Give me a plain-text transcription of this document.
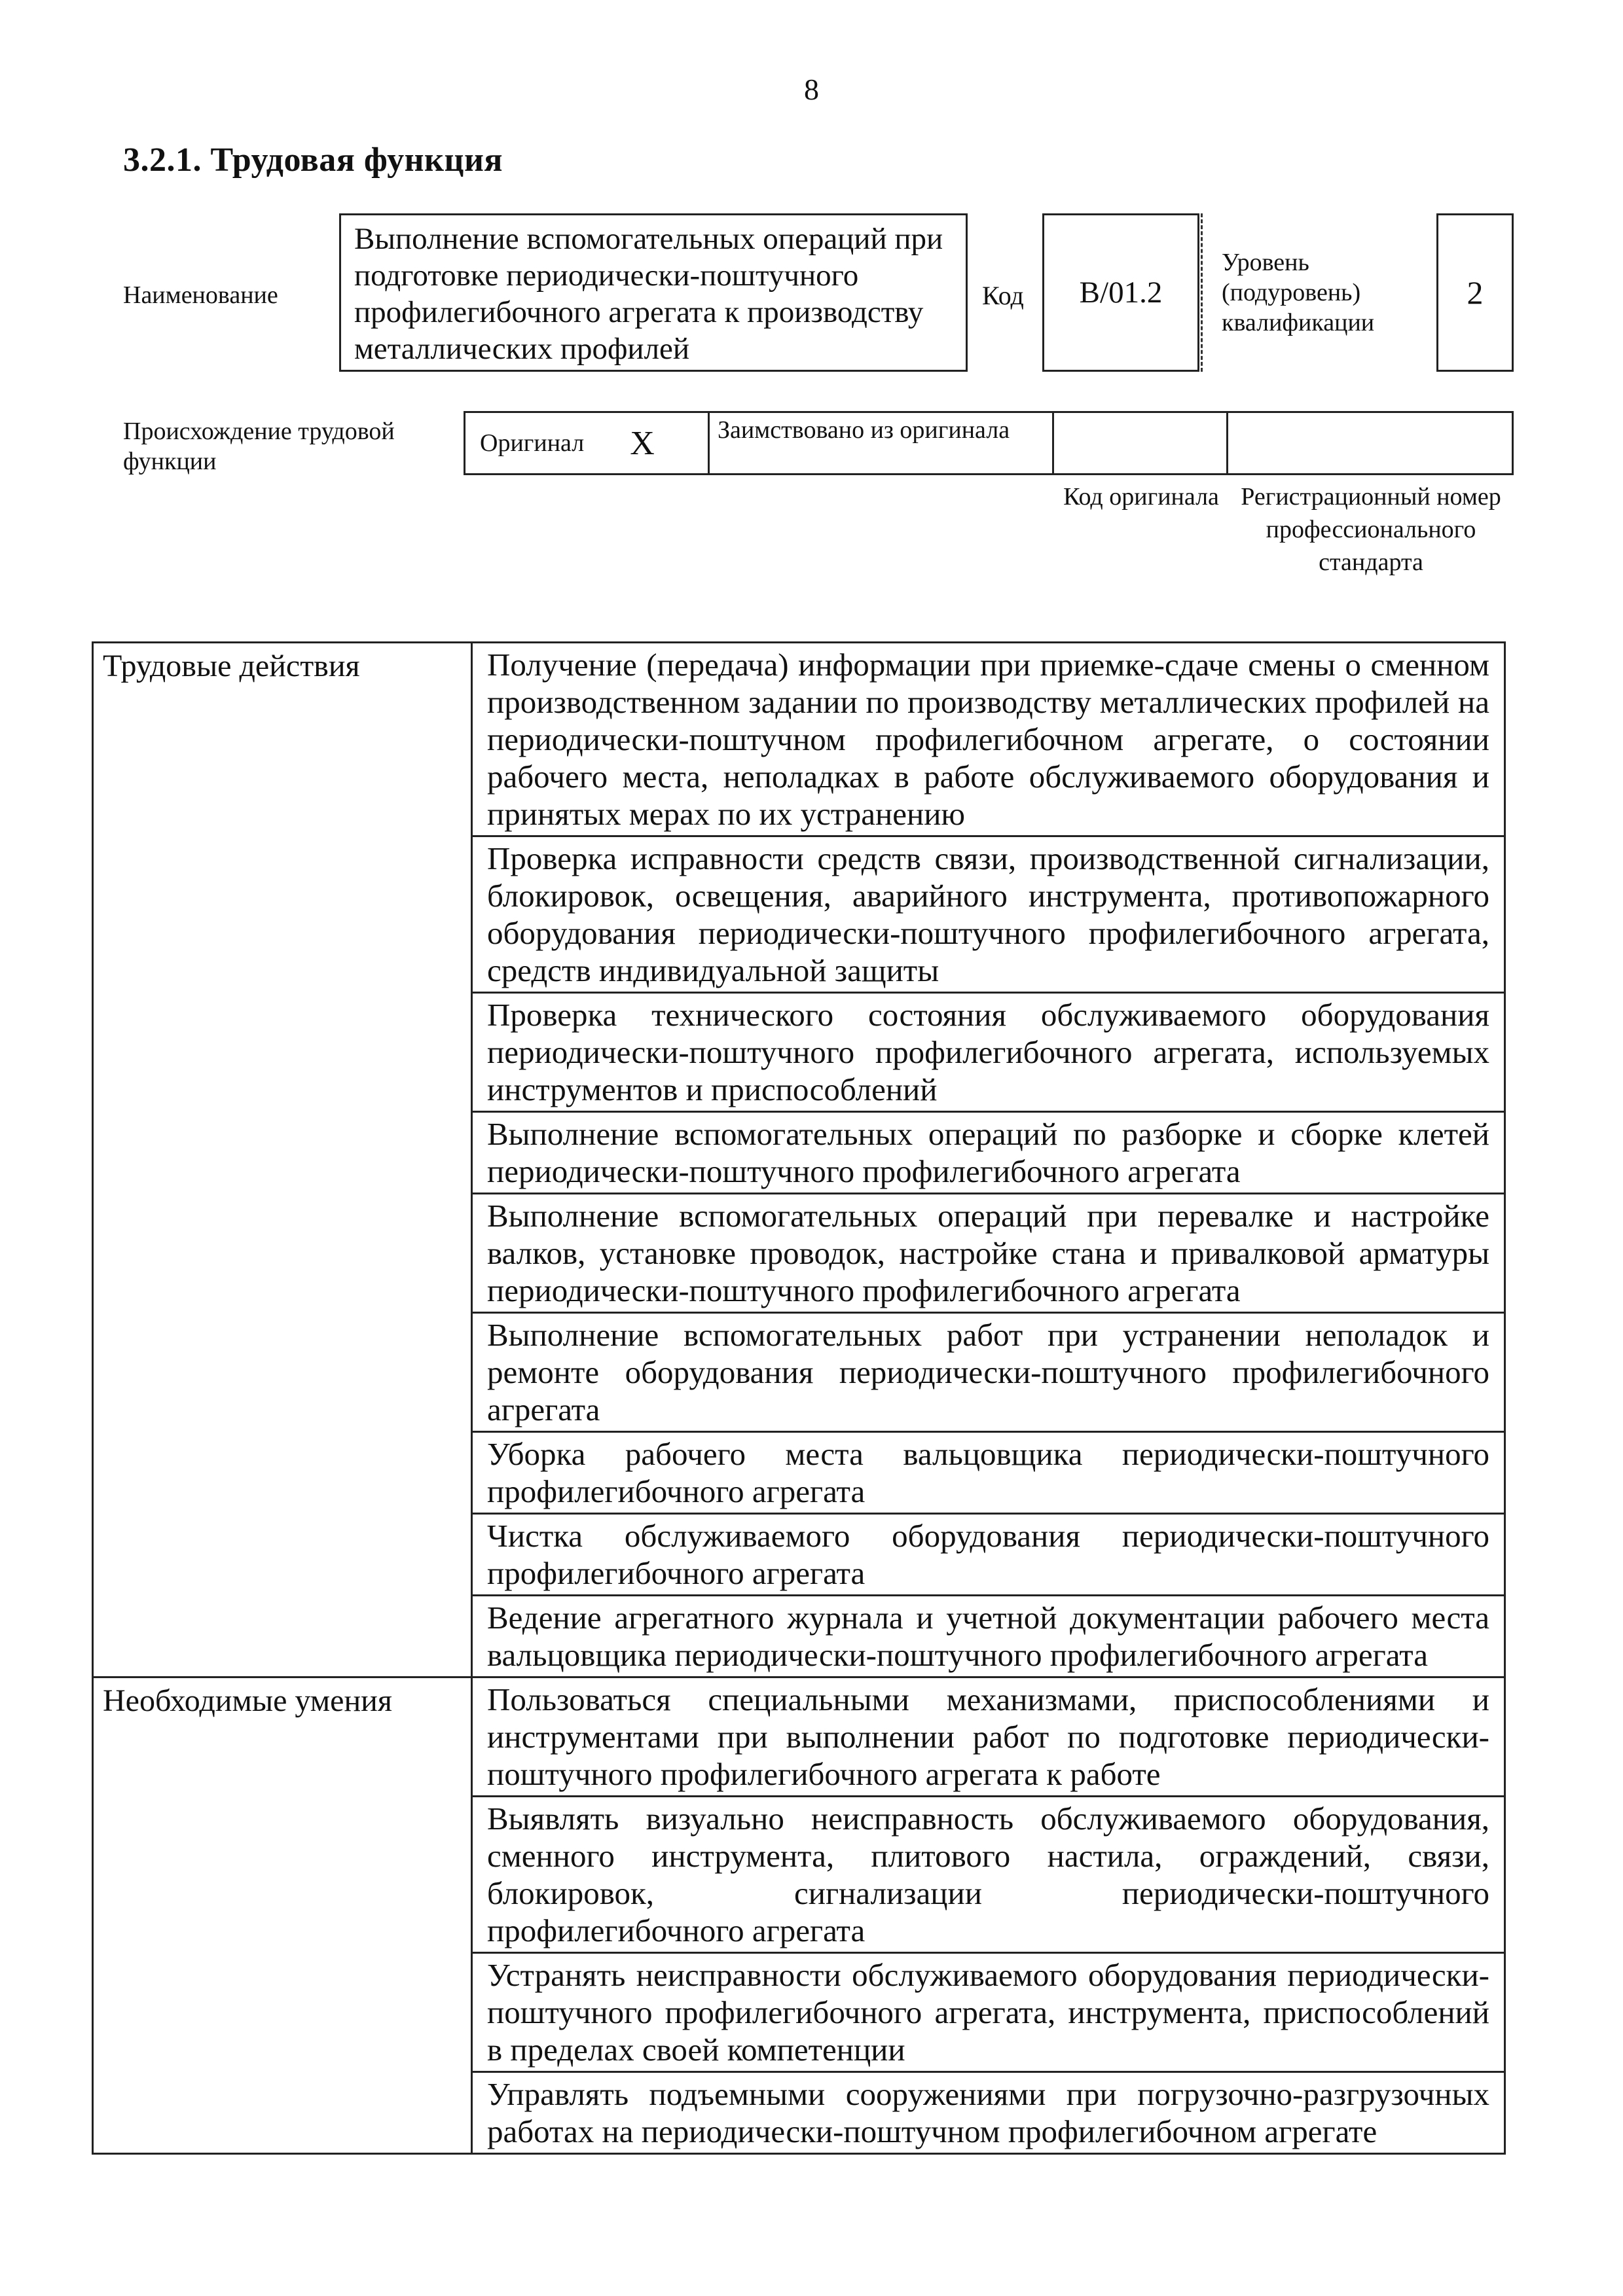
8
3.2.1. Трудовая функция
Наименование
Выполнение вспомогательных операций при подготовке периодически-поштучного профилегибочного агрегата к производству металлических профилей
Код В/01.2
Уровень (подуровень) квалификации
2
Происхождение трудовой функции
Оригинал X	Заимствовано из оригинала
Код оригинала Регистрационный номер профессионального стандарта
Трудовые действия	Получение (передача) информации при приемке-сдаче смены о сменном производственном задании по производству металлических профилей на периодически-поштучном профилегибочном агрегате, о состоянии рабочего места, неполадках в работе обслуживаемого оборудования и принятых мерах по их устранению
	Проверка исправности средств связи, производственной сигнализации, блокировок, освещения, аварийного инструмента, противопожарного оборудования периодически-поштучного профилегибочного агрегата, средств индивидуальной защиты
	Проверка технического состояния обслуживаемого оборудования периодически-поштучного профилегибочного агрегата, используемых инструментов и приспособлений
	Выполнение вспомогательных операций по разборке и сборке клетей периодически-поштучного профилегибочного агрегата
	Выполнение вспомогательных операций при перевалке и настройке валков, установке проводок, настройке стана и привалковой арматуры периодически-поштучного профилегибочного агрегата
	Выполнение вспомогательных работ при устранении неполадок и ремонте оборудования периодически-поштучного профилегибочного агрегата
	Уборка рабочего места вальцовщика периодически-поштучного профилегибочного агрегата
	Чистка обслуживаемого оборудования периодически-поштучного профилегибочного агрегата
	Ведение агрегатного журнала и учетной документации рабочего места вальцовщика периодически-поштучного профилегибочного агрегата
Необходимые умения	Пользоваться специальными механизмами, приспособлениями и инструментами при выполнении работ по подготовке периодически-поштучного профилегибочного агрегата к работе
	Выявлять визуально неисправность обслуживаемого оборудования, сменного инструмента, плитового настила, ограждений, связи, блокировок, сигнализации периодически-поштучного профилегибочного агрегата
	Устранять неисправности обслуживаемого оборудования периодически-поштучного профилегибочного агрегата, инструмента, приспособлений в пределах своей компетенции
	Управлять подъемными сооружениями при погрузочно-разгрузочных работах на периодически-поштучном профилегибочном агрегате
